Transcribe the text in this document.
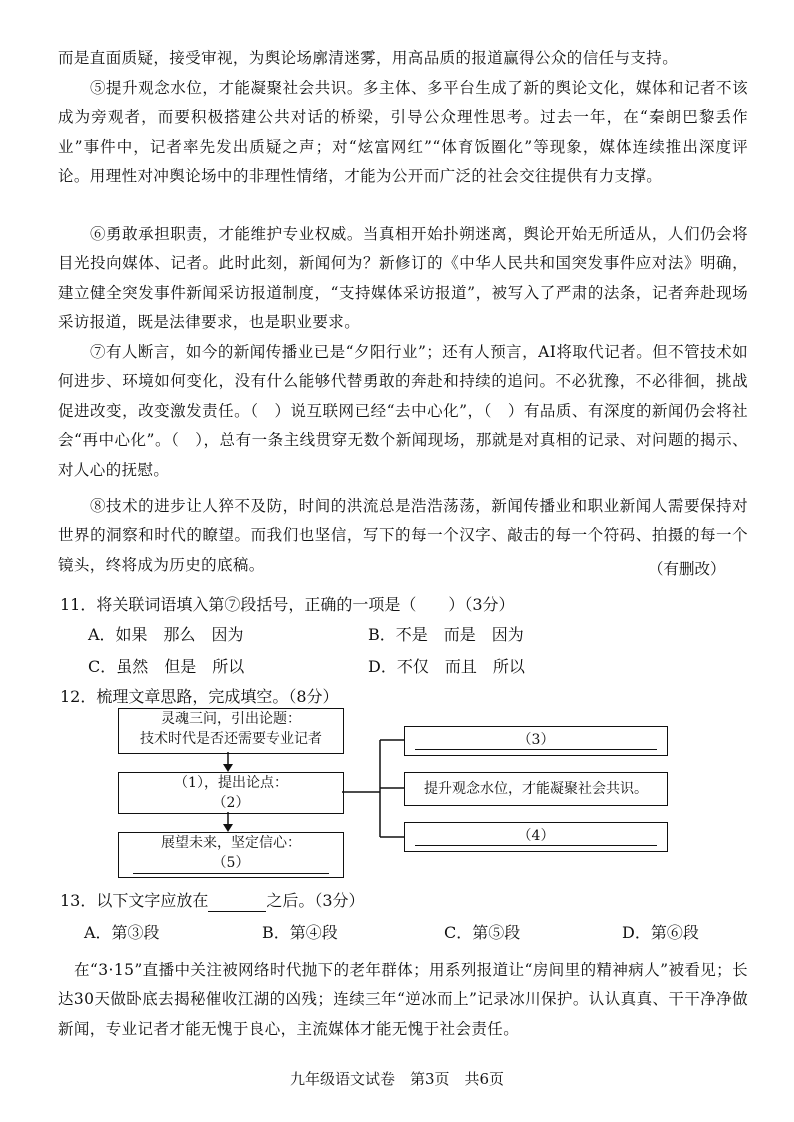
而是直面质疑，接受审视，为舆论场廓清迷雾，用高品质的报道赢得公众的信任与支持。
⑤提升观念水位，才能凝聚社会共识。多主体、多平台生成了新的舆论文化，媒体和记者不该成为旁观者，而要积极搭建公共对话的桥梁，引导公众理性思考。过去一年，在“秦朗巴黎丢作业”事件中，记者率先发出质疑之声；对“炫富网红”“体育饭圈化”等现象，媒体连续推出深度评论。用理性对冲舆论场中的非理性情绪，才能为公开而广泛的社会交往提供有力支撑。
⑥勇敢承担职责，才能维护专业权威。当真相开始扑朔迷离，舆论开始无所适从，人们仍会将目光投向媒体、记者。此时此刻，新闻何为？新修订的《中华人民共和国突发事件应对法》明确，建立健全突发事件新闻采访报道制度，“支持媒体采访报道”，被写入了严肃的法条，记者奔赴现场采访报道，既是法律要求，也是职业要求。
⑦有人断言，如今的新闻传播业已是“夕阳行业”；还有人预言，AI将取代记者。但不管技术如何进步、环境如何变化，没有什么能够代替勇敢的奔赴和持续的追问。不必犹豫，不必徘徊，挑战促进改变，改变激发责任。（　）说互联网已经“去中心化”，（　）有品质、有深度的新闻仍会将社会“再中心化”。（　），总有一条主线贯穿无数个新闻现场，那就是对真相的记录、对问题的揭示、对人心的抚慰。
⑧技术的进步让人猝不及防，时间的洪流总是浩浩荡荡，新闻传播业和职业新闻人需要保持对世界的洞察和时代的瞭望。而我们也坚信，写下的每一个汉字、敲击的每一个符码、拍摄的每一个镜头，终将成为历史的底稿。	（有删改）
11．将关联词语填入第⑦段括号，正确的一项是（　　）（3分）
A．如果　那么　因为	B．不是　而是　因为
C．虽然　但是　所以	D．不仅　而且　所以
12．梳理文章思路，完成填空。（8分）
灵魂三问，引出论题：
技术时代是否还需要专业记者
（1），提出论点：
（2）
展望未来，坚定信心：
（5）
（3）
提升观念水位，才能凝聚社会共识。
（4）
13．以下文字应放在	之后。（3分）
A．第③段	B．第④段	C．第⑤段	D．第⑥段
在“3·15”直播中关注被网络时代抛下的老年群体；用系列报道让“房间里的精神病人”被看见；长达30天做卧底去揭秘催收江湖的凶残；连续三年“逆冰而上”记录冰川保护。认认真真、干干净净做新闻，专业记者才能无愧于良心，主流媒体才能无愧于社会责任。
九年级语文试卷　第3页　共6页
